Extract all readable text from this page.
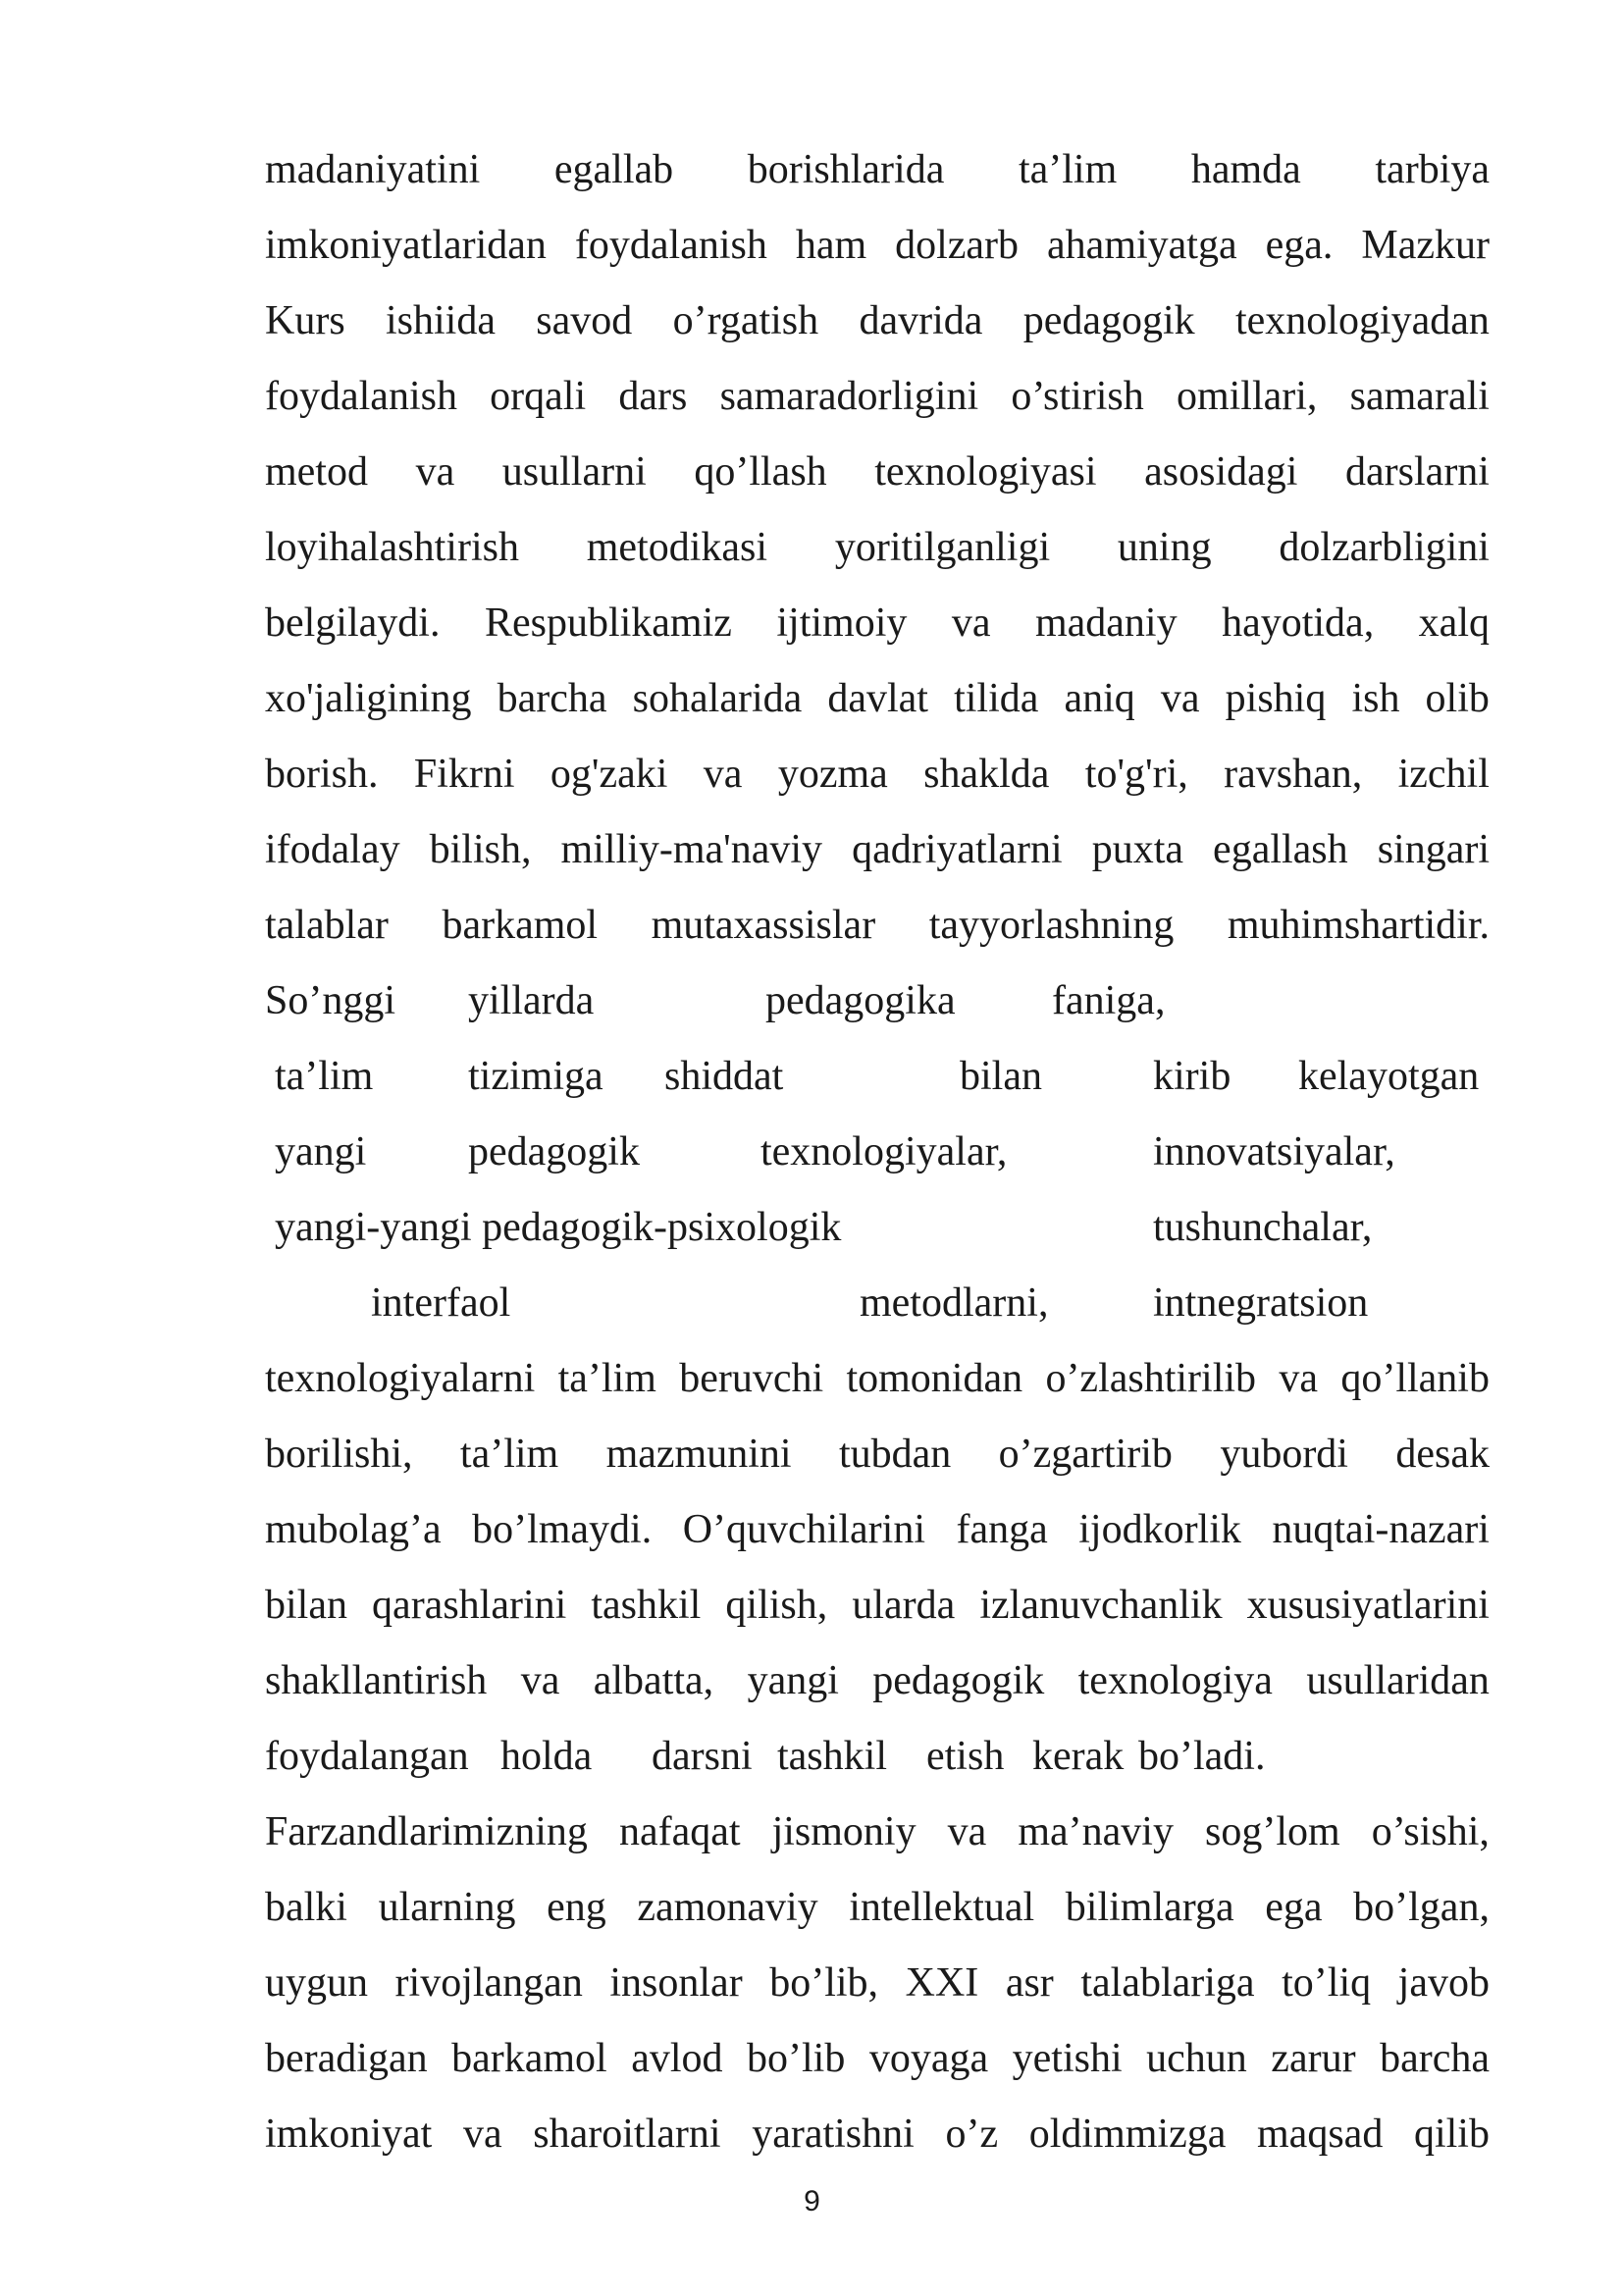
madaniyatini egallab borishlarida ta’lim hamda tarbiya
imkoniyatlaridan foydalanish ham dolzarb ahamiyatga ega. Mazkur
Kurs ishiida savod o’rgatish davrida pedagogik texnologiyadan
foydalanish orqali dars samaradorligini o’stirish omillari, samarali
metod va usullarni qo’llash texnologiyasi asosidagi darslarni
loyihalashtirish metodikasi yoritilganligi uning dolzarbligini
belgilaydi. Respublikamiz ijtimoiy va madaniy hayotida, xalq
xo'jaligining barcha sohalarida davlat tilida aniq va pishiq ish olib
borish. Fikrni og'zaki va yozma shaklda to'g'ri, ravshan, izchil
ifodalay bilish, milliy-ma'naviy qadriyatlarni puxta egallash singari
talablar barkamol mutaxassislar tayyorlashning muhimshartidir.
So’nggi yillarda	pedagogika faniga,
ta’lim tizimiga shiddat	bilan	kirib kelayotgan
yangi pedagogik	texnologiyalar,	innovatsiyalar,
yangi-yangi pedagogik-psixologik	tushunchalar,
interfaol	metodlarni,	intnegratsion
texnologiyalarni ta’lim beruvchi tomonidan o’zlashtirilib va qo’llanib
borilishi, ta’lim mazmunini tubdan o’zgartirib yubordi desak
mubolag’a bo’lmaydi. O’quvchilarini fanga ijodkorlik nuqtai-nazari
bilan qarashlarini tashkil qilish, ularda izlanuvchanlik xususiyatlarini
shakllantirish va albatta, yangi pedagogik texnologiya usullaridan
foydalangan holda darsni tashkil etish kerak bo’ladi.
Farzandlarimizning nafaqat jismoniy va ma’naviy sog’lom o’sishi,
balki ularning eng zamonaviy intellektual bilimlarga ega bo’lgan,
uygun rivojlangan insonlar bo’lib, XXI asr talablariga to’liq javob
beradigan barkamol avlod bo’lib voyaga yetishi uchun zarur barcha
imkoniyat va sharoitlarni yaratishni o’z oldimmizga maqsad qilib
9
